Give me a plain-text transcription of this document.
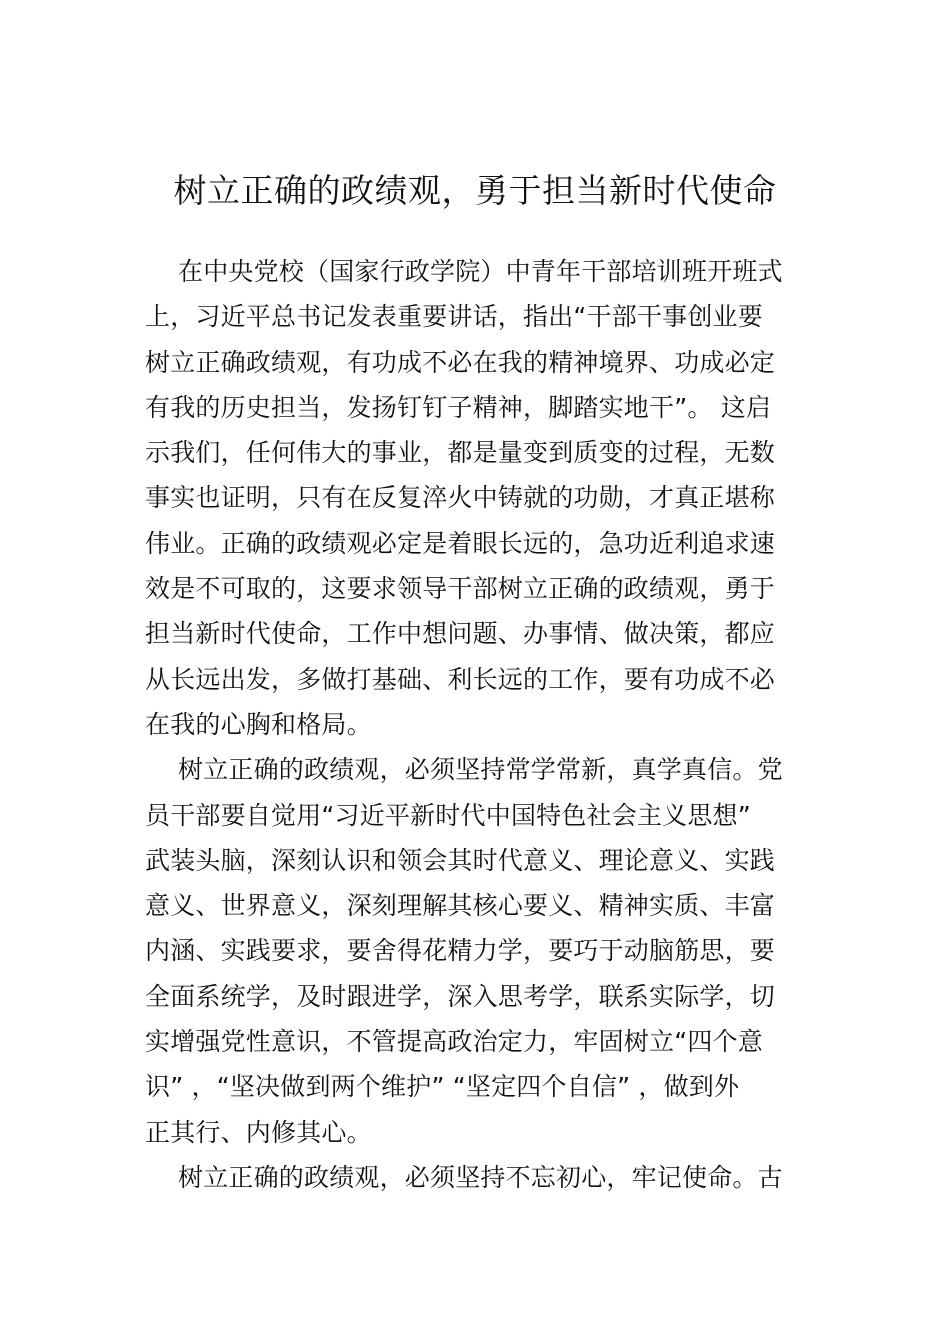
树立正确的政绩观，勇于担当新时代使命

在中央党校（国家行政学院）中青年干部培训班开班式
上，习近平总书记发表重要讲话，指出“干部干事创业要
树立正确政绩观，有功成不必在我的精神境界、功成必定
有我的历史担当，发扬钉钉子精神，脚踏实地干”。 这启
示我们，任何伟大的事业，都是量变到质变的过程，无数
事实也证明，只有在反复淬火中铸就的功勋，才真正堪称
伟业。正确的政绩观必定是着眼长远的，急功近利追求速
效是不可取的，这要求领导干部树立正确的政绩观，勇于
担当新时代使命，工作中想问题、办事情、做决策，都应
从长远出发，多做打基础、利长远的工作，要有功成不必
在我的心胸和格局。

树立正确的政绩观，必须坚持常学常新，真学真信。党
员干部要自觉用“习近平新时代中国特色社会主义思想”
武装头脑，深刻认识和领会其时代意义、理论意义、实践
意义、世界意义，深刻理解其核心要义、精神实质、丰富
内涵、实践要求，要舍得花精力学，要巧于动脑筋思，要
全面系统学，及时跟进学，深入思考学，联系实际学，切
实增强党性意识，不管提高政治定力，牢固树立“四个意
识” ，“坚决做到两个维护” “坚定四个自信” ，做到外
正其行、内修其心。

树立正确的政绩观，必须坚持不忘初心，牢记使命。古
